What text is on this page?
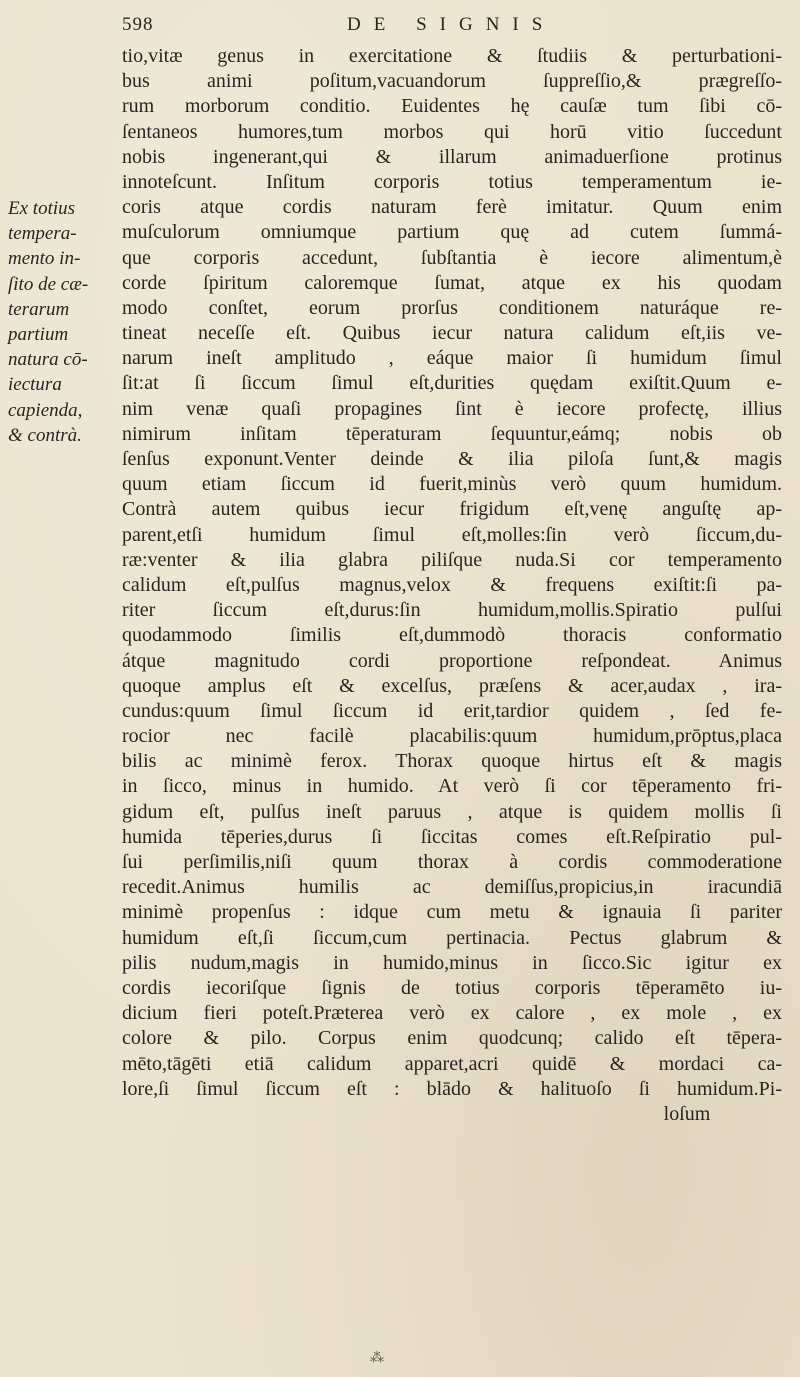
598	DE SIGNIS
Ex totius
tempera-
mento in-
ſito de cæ-
terarum
partium
natura cō-
iectura
capienda,
& contrà.
tio,vitæ genus in exercitatione & ſtudiis & perturbationi-
bus animi poſitum,vacuandorum ſuppreſſio,& prægreſſo-
rum morborum conditio. Euidentes hę cauſæ tum ſibi cō-
ſentaneos humores,tum morbos qui horū vitio ſuccedunt
nobis ingenerant,qui & illarum animaduerſione protinus
innoteſcunt. Inſitum corporis totius temperamentum ie-
coris atque cordis naturam ferè imitatur. Quum enim
muſculorum omniumque partium quę ad cutem ſummá-
que corporis accedunt, ſubſtantia è iecore alimentum,è
corde ſpiritum caloremque ſumat, atque ex his quodam
modo conſtet, eorum prorſus conditionem naturáque re-
tineat neceſſe eſt. Quibus iecur natura calidum eſt,iis ve-
narum ineſt amplitudo , eáque maior ſi humidum ſimul
ſit:at ſi ſiccum ſimul eſt,durities quędam exiſtit.Quum e-
nim venæ quaſi propagines ſint è iecore profectę, illius
nimirum inſitam tēperaturam ſequuntur,eámq; nobis ob
ſenſus exponunt.Venter deinde & ilia piloſa ſunt,& magis
quum etiam ſiccum id fuerit,minùs verò quum humidum.
Contrà autem quibus iecur frigidum eſt,venę anguſtę ap-
parent,etſi humidum ſimul eſt,molles:ſin verò ſiccum,du-
ræ:venter & ilia glabra piliſque nuda.Si cor temperamento
calidum eſt,pulſus magnus,velox & frequens exiſtit:ſi pa-
riter ſiccum eſt,durus:ſin humidum,mollis.Spiratio pulſui
quodammodo ſimilis eſt,dummodò thoracis conformatio
átque magnitudo cordi proportione reſpondeat. Animus
quoque amplus eſt & excelſus, præſens & acer,audax , ira-
cundus:quum ſimul ſiccum id erit,tardior quidem , ſed fe-
rocior nec facilè placabilis:quum humidum,prōptus,placa
bilis ac minimè ferox. Thorax quoque hirtus eſt & magis
in ſicco, minus in humido. At verò ſi cor tēperamento fri-
gidum eſt, pulſus ineſt paruus , atque is quidem mollis ſi
humida tēperies,durus ſi ſiccitas comes eſt.Reſpiratio pul-
ſui perſimilis,niſi quum thorax à cordis commoderatione
recedit.Animus humilis ac demiſſus,propicius,in iracundiā
minimè propenſus : idque cum metu & ignauia ſi pariter
humidum eſt,ſi ſiccum,cum pertinacia. Pectus glabrum &
pilis nudum,magis in humido,minus in ſicco.Sic igitur ex
cordis iecoriſque ſignis de totius corporis tēperamēto iu-
dicium fieri poteſt.Præterea verò ex calore , ex mole , ex
colore & pilo. Corpus enim quodcunq; calido eſt tēpera-
mēto,tāgēti etiā calidum apparet,acri quidē & mordaci ca-
lore,ſi ſimul ſiccum eſt : blādo & halituoſo ſi humidum.Pi-
loſum
⁂
